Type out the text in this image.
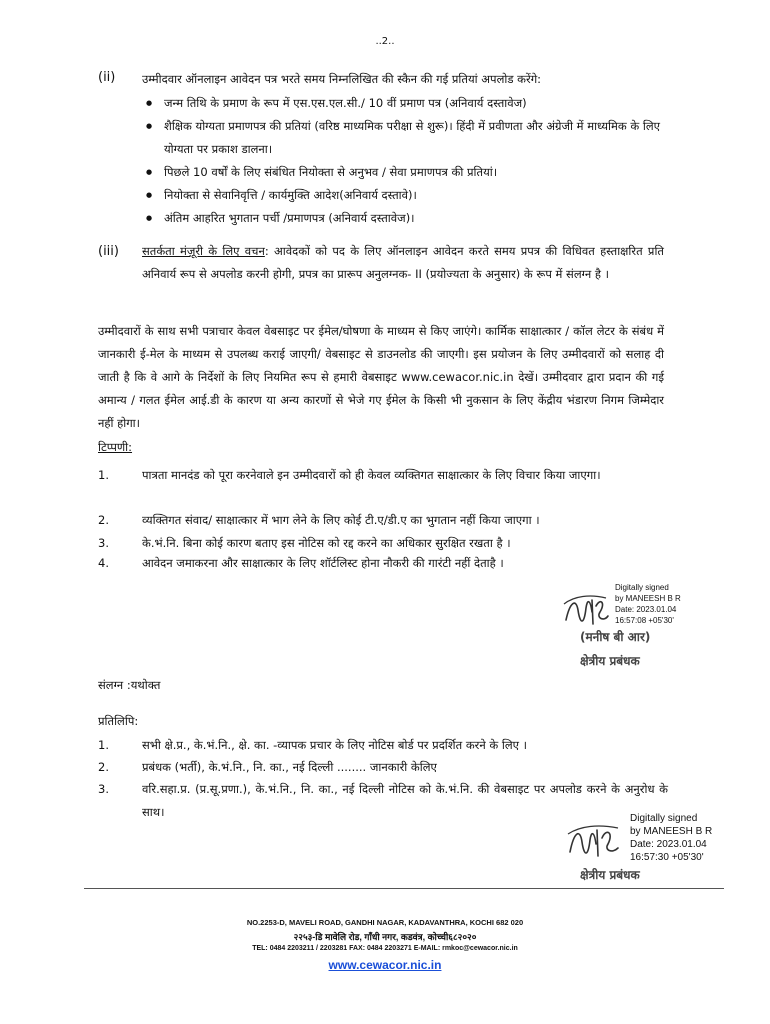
..2..
(ii) उम्मीदवार ऑनलाइन आवेदन पत्र भरते समय निम्नलिखित की स्कैन की गई प्रतियां अपलोड करेंगे:
● जन्म तिथि के प्रमाण के रूप में एस.एस.एल.सी./ 10 वीं प्रमाण पत्र (अनिवार्य दस्तावेज)
● शैक्षिक योग्यता प्रमाणपत्र की प्रतियां (वरिष्ठ माध्यमिक परीक्षा से शुरू)। हिंदी में प्रवीणता और अंग्रेजी में माध्यमिक के लिए योग्यता पर प्रकाश डालना।
● पिछले 10 वर्षों के लिए संबंधित नियोक्ता से अनुभव / सेवा प्रमाणपत्र की प्रतियां।
● नियोक्ता से सेवानिवृत्ति / कार्यमुक्ति आदेश(अनिवार्य दस्तावे)।
● अंतिम आहरित भुगतान पर्ची /प्रमाणपत्र (अनिवार्य दस्तावेज)।
(iii) सतर्कता मंज़ूरी के लिए वचन: आवेदकों को पद के लिए ऑनलाइन आवेदन करते समय प्रपत्र की विधिवत हस्ताक्षरित प्रति अनिवार्य रूप से अपलोड करनी होगी, प्रपत्र का प्रारूप अनुलग्नक- II (प्रयोज्यता के अनुसार) के रूप में संलग्न है ।
उम्मीदवारों के साथ सभी पत्राचार केवल वेबसाइट पर ईमेल/घोषणा के माध्यम से किए जाएंगे। कार्मिक साक्षात्कार / कॉल लेटर के संबंध में जानकारी ई-मेल के माध्यम से उपलब्ध कराई जाएगी/ वेबसाइट से डाउनलोड की जाएगी। इस प्रयोजन के लिए उम्मीदवारों को सलाह दी जाती है कि वे आगे के निर्देशों के लिए नियमित रूप से हमारी वेबसाइट www.cewacor.nic.in देखें। उम्मीदवार द्वारा प्रदान की गई अमान्य / गलत ईमेल आई.डी के कारण या अन्य कारणों से भेजे गए ईमेल के किसी भी नुकसान के लिए केंद्रीय भंडारण निगम जिम्मेदार नहीं होगा।
टिप्पणी:
1.	पात्रता मानदंड को पूरा करनेवाले इन उम्मीदवारों को ही केवल व्यक्तिगत साक्षात्कार के लिए विचार किया जाएगा।
2.	व्यक्तिगत संवाद/ साक्षात्कार में भाग लेने के लिए कोई टी.ए/डी.ए का भुगतान नहीं किया जाएगा ।
3.	के.भं.नि. बिना कोई कारण बताए इस नोटिस को रद्द करने का अधिकार सुरक्षित रखता है ।
4.	आवेदन जमाकरना और साक्षात्कार के लिए शॉर्टलिस्ट होना नौकरी की गारंटी नहीं देताहै ।
Digitally signed
by MANEESH B R
Date: 2023.01.04
16:57:08 +05'30'
(मनीष बी आर)
क्षेत्रीय प्रबंधक
संलग्न :यथोक्त
प्रतिलिपि:
1.	सभी क्षे.प्र., के.भं.नि., क्षे. का. -व्यापक प्रचार के लिए नोटिस बोर्ड पर प्रदर्शित करने के लिए ।
2.	प्रबंधक (भर्ती), के.भं.नि., नि. का., नई दिल्ली ........ जानकारी केलिए
3.	वरि.सहा.प्र. (प्र.सू.प्रणा.), के.भं.नि., नि. का., नई दिल्ली नोटिस को के.भं.नि. की वेबसाइट पर अपलोड करने के अनुरोध के साथ।	Digitally signed
by MANEESH B R
Date: 2023.01.04
16:57:30 +05'30'
क्षेत्रीय प्रबंधक
NO.2253-D, MAVELI ROAD, GANDHI NAGAR, KADAVANTHRA, KOCHI 682 020
२२५३-डि मावेलि रोड, गाँधी नगर, कडवंत्र, कोच्ची६८२०२०
TEL: 0484 2203211 / 2203281 FAX: 0484 2203271 E-MAIL: rmkoc@cewacor.nic.in
www.cewacor.nic.in
